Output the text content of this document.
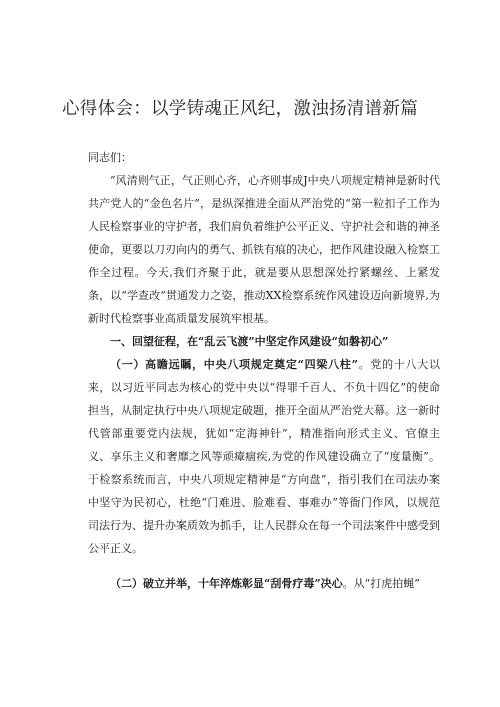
心得体会：以学铸魂正风纪，激浊扬清谱新篇

同志们：

“风清则气正，气正则心齐，心齐则事成J中央八项规定精神是新时代共产党人的“金色名片”，是纵深推进全面从严治党的“第一粒扣子工作为人民检察事业的守护者，我们肩负着维护公平正义、守护社会和谐的神圣使命，更要以刀刃向内的勇气、抓铁有痕的决心，把作风建设融入检察工作全过程。今天,我们齐聚于此，就是要从思想深处拧紧螺丝、上紧发条，以“学查改”贯通发力之姿，推动XX检察系统作风建设迈向新境界,为新时代检察事业高质量发展筑牢根基。

一、回望征程，在“乱云飞渡”中坚定作风建设“如磐初心”

（一）高瞻远瞩，中央八项规定奠定“四梁八柱”。党的十八大以来，以习近平同志为核心的党中央以“得罪千百人、不负十四亿”的使命担当，从制定执行中央八项规定破题，推开全面从严治党大幕。这一新时代管部重要党内法规，犹如“定海神针”，精准指向形式主义、官僚主义、享乐主义和奢靡之风等顽瘴痼疾,为党的作风建设确立了“度量衡”。于检察系统而言，中央八项规定精神是“方向盘”，指引我们在司法办案中坚守为民初心，杜绝“门难进、脸难看、事难办”等衙门作风，以规范司法行为、提升办案质效为抓手，让人民群众在每一个司法案件中感受到公平正义。

（二）破立并举，十年淬炼彰显“刮骨疗毒”决心。从“打虎拍蝇”
